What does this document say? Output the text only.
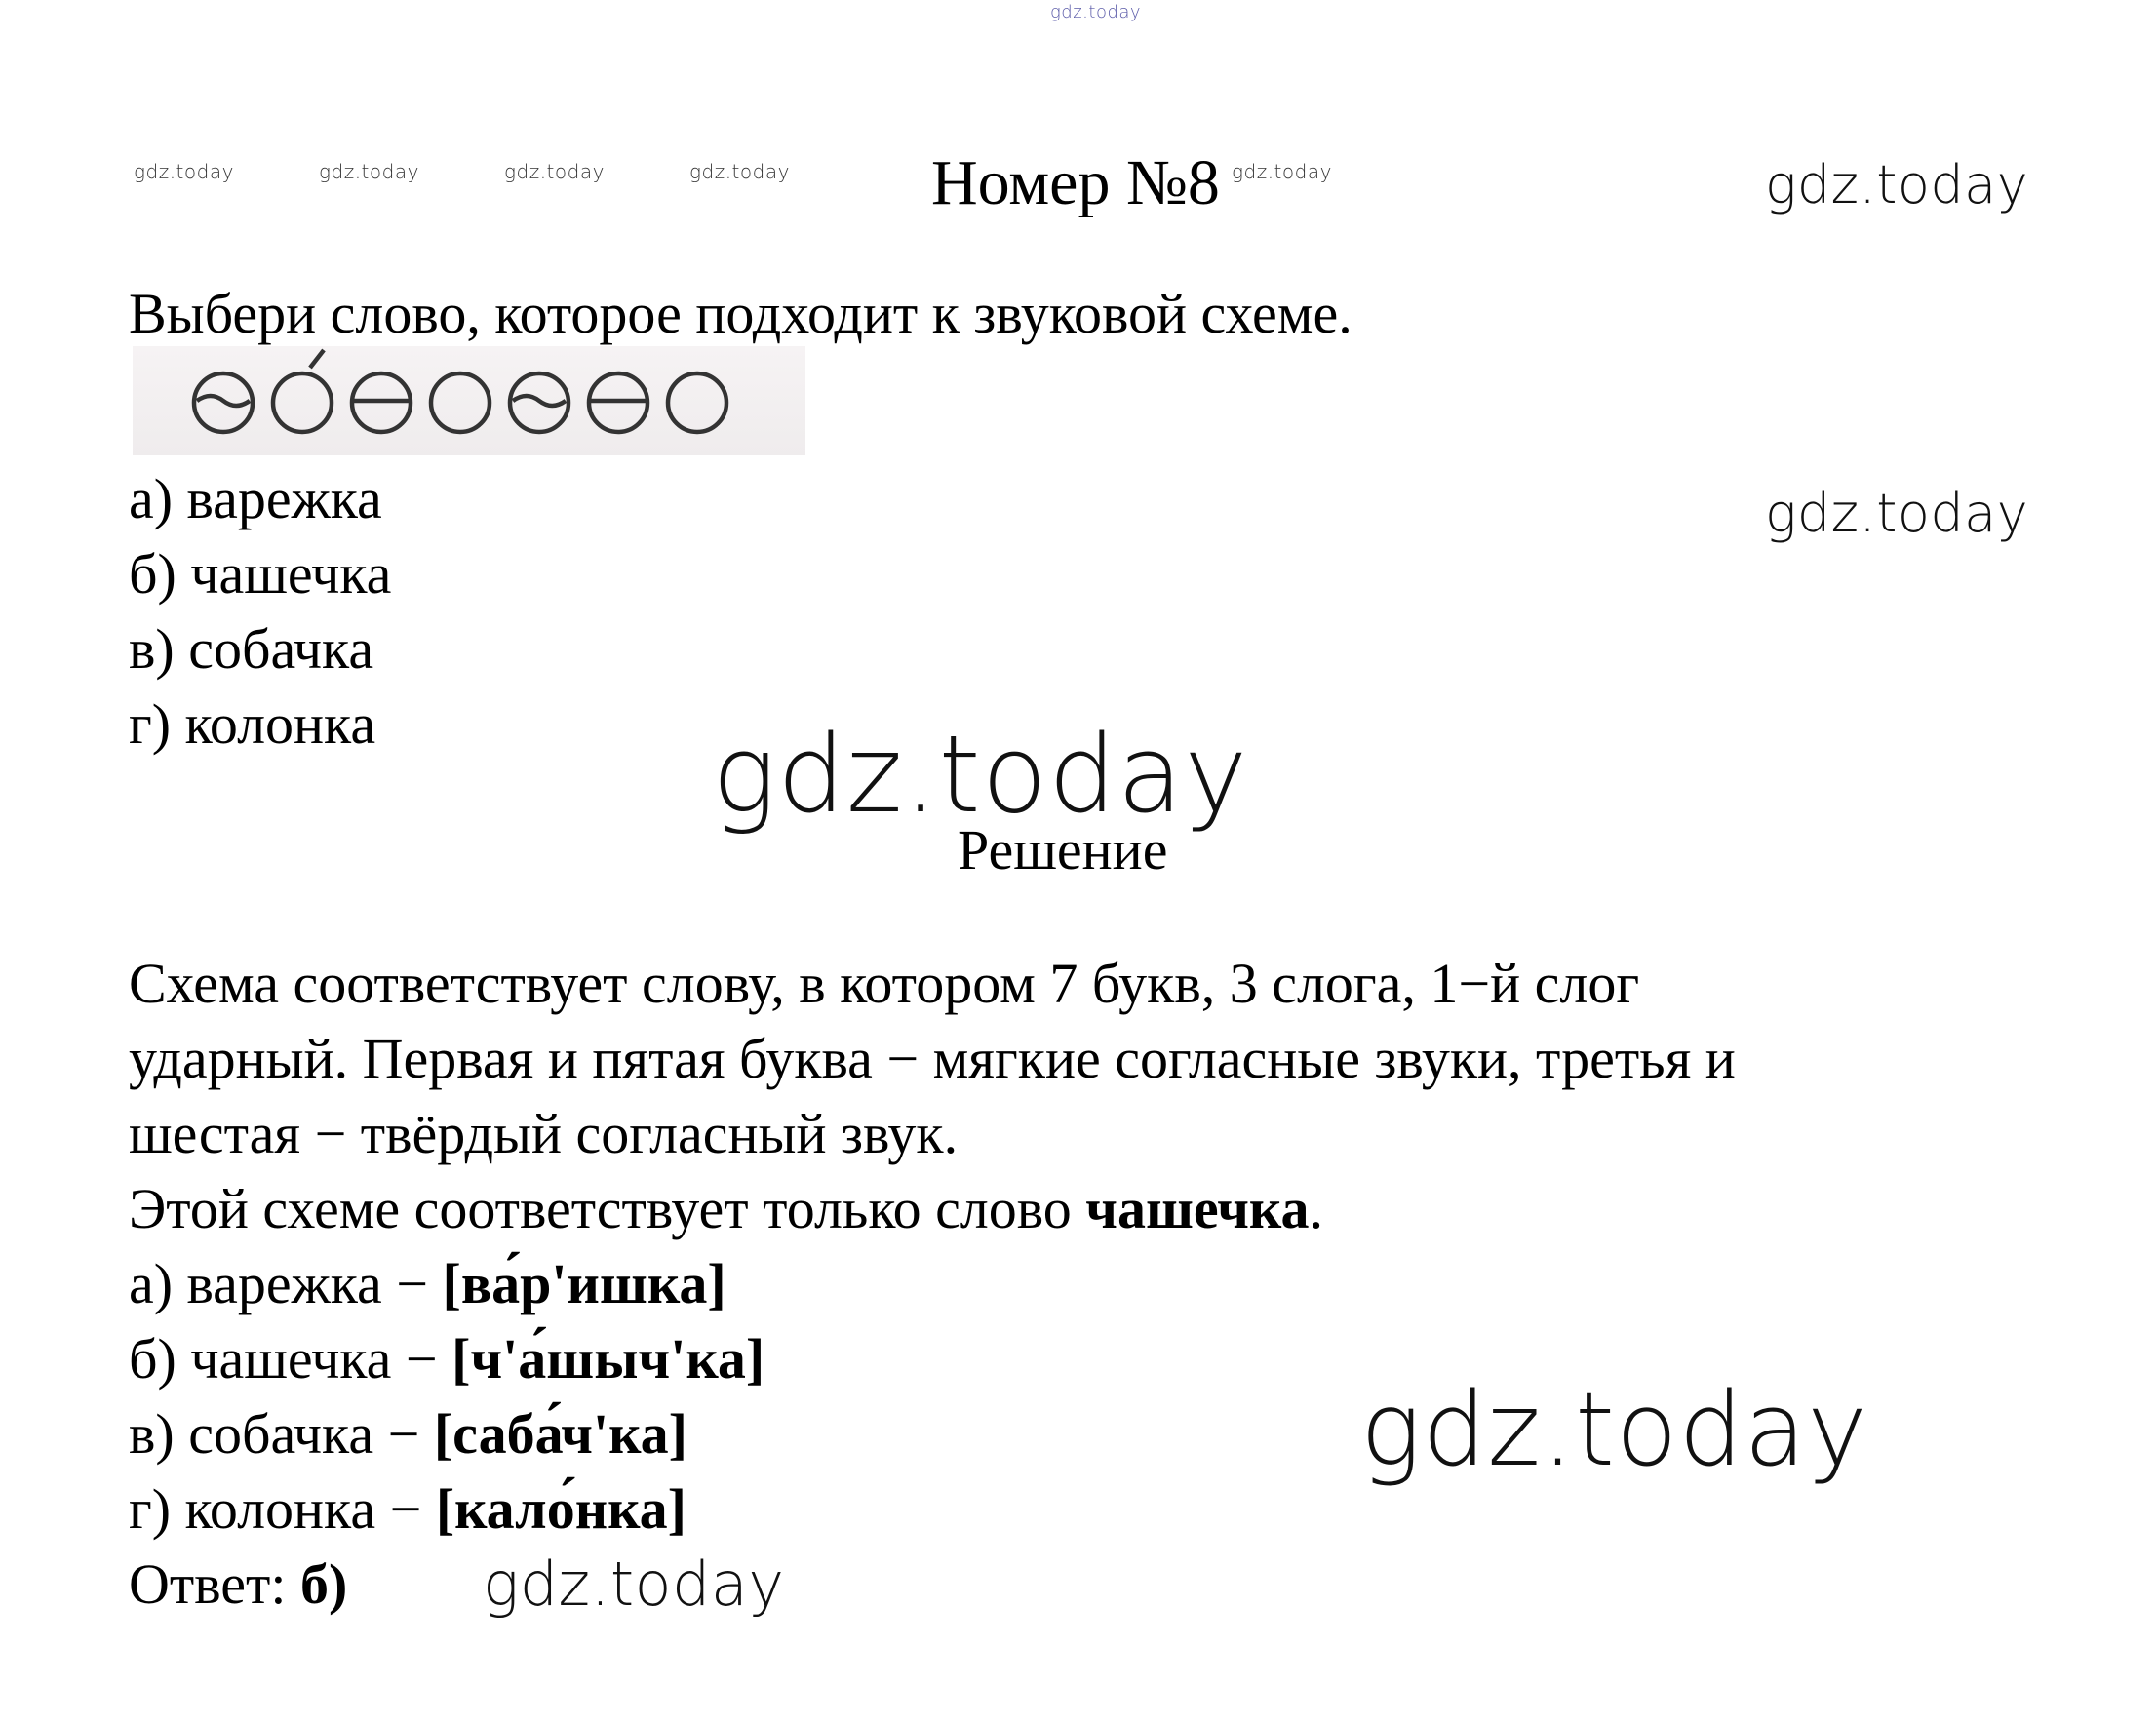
gdz.today
gdz.today	gdz.today	gdz.today	gdz.today	gdz.today	gdz.today
gdz.today
gdz.today
gdz.today
gdz.today
Номер №8
Выбери слово, которое подходит к звуковой схеме.
а) варежка
б) чашечка
в) собачка
г) колонка
Решение
Схема соответствует слову, в котором 7 букв, 3 слога, 1−й слог
ударный. Первая и пятая буква − мягкие согласные звуки, третья и
шестая − твёрдый согласный звук.
Этой схеме соответствует только слово чашечка.
а) варежка − [ва́р'ишка]
б) чашечка − [ч'а́шыч'ка]
в) собачка − [саба́ч'ка]
г) колонка − [кало́нка]
Ответ: б)
